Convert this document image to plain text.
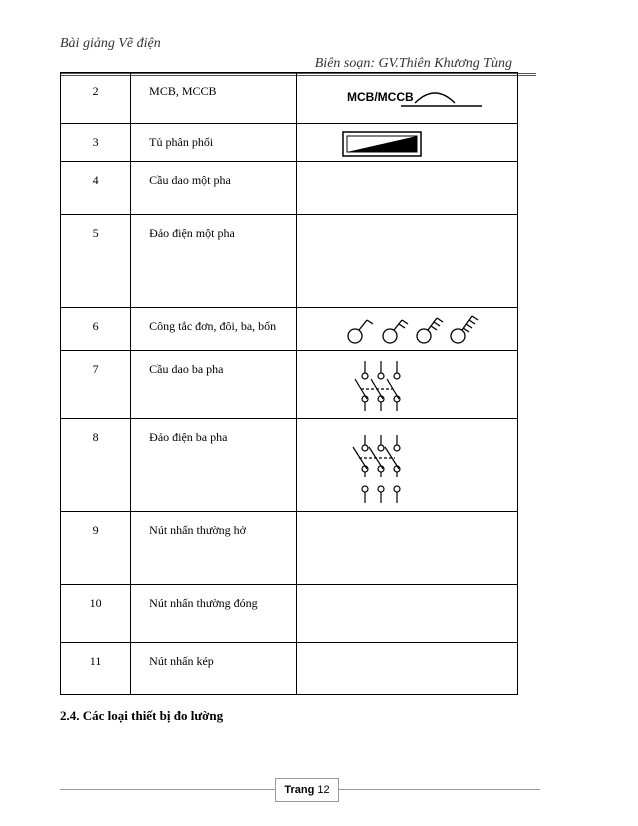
Bài giảng Vẽ điện
Biên soạn: GV.Thiên Khương Tùng
2	MCB, MCCB	MCB/MCCB

3	Tủ phân phối	

4	Cầu dao một pha	
5	Đảo điện một pha	
6	Công tắc đơn, đôi, ba, bốn	

7	Cầu dao ba pha	

8	Đảo điện ba pha	

9	Nút nhấn thường hở	
10	Nút nhấn thường đóng	
11	Nút nhấn kép	
2.4. Các loại thiết bị đo lường
Trang 12
